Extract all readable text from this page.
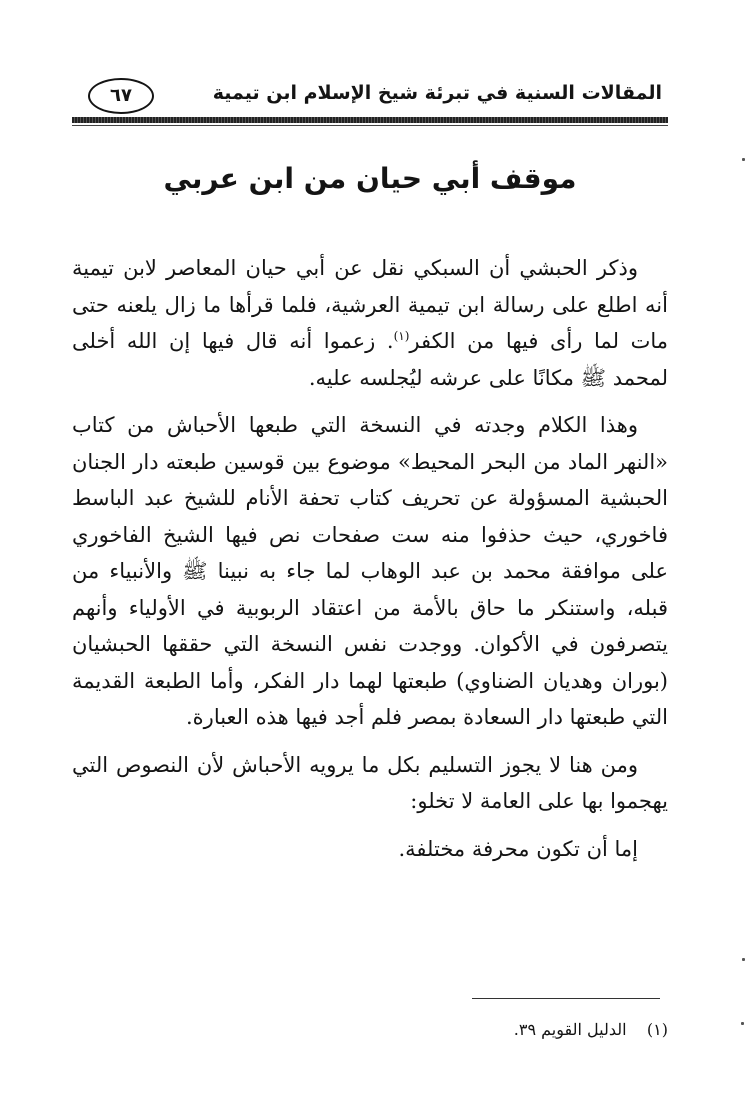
المقالات السنية في تبرئة شيخ الإسلام ابن تيمية
٦٧
موقف أبي حيان من ابن عربي

وذكر الحبشي أن السبكي نقل عن أبي حيان المعاصر لابن تيمية أنه اطلع على رسالة ابن تيمية العرشية، فلما قرأها ما زال يلعنه حتى مات لما رأى فيها من الكفر$^{(١)}$. زعموا أنه قال فيها إن الله أخلى لمحمد ﷺ مكانًا على عرشه ليُجلسه عليه.

وهذا الكلام وجدته في النسخة التي طبعها الأحباش من كتاب «النهر الماد من البحر المحيط» موضوع بين قوسين طبعته دار الجنان الحبشية المسؤولة عن تحريف كتاب تحفة الأنام للشيخ عبد الباسط فاخوري، حيث حذفوا منه ست صفحات نص فيها الشيخ الفاخوري على موافقة محمد بن عبد الوهاب لما جاء به نبينا ﷺ والأنبياء من قبله، واستنكر ما حاق بالأمة من اعتقاد الربوبية في الأولياء وأنهم يتصرفون في الأكوان. ووجدت نفس النسخة التي حققها الحبشيان (بوران وهديان الضناوي) طبعتها لهما دار الفكر، وأما الطبعة القديمة التي طبعتها دار السعادة بمصر فلم أجد فيها هذه العبارة.

ومن هنا لا يجوز التسليم بكل ما يرويه الأحباش لأن النصوص التي يهجموا بها على العامة لا تخلو:

إما أن تكون محرفة مختلفة.

(١)    الدليل القويم ٣٩.
